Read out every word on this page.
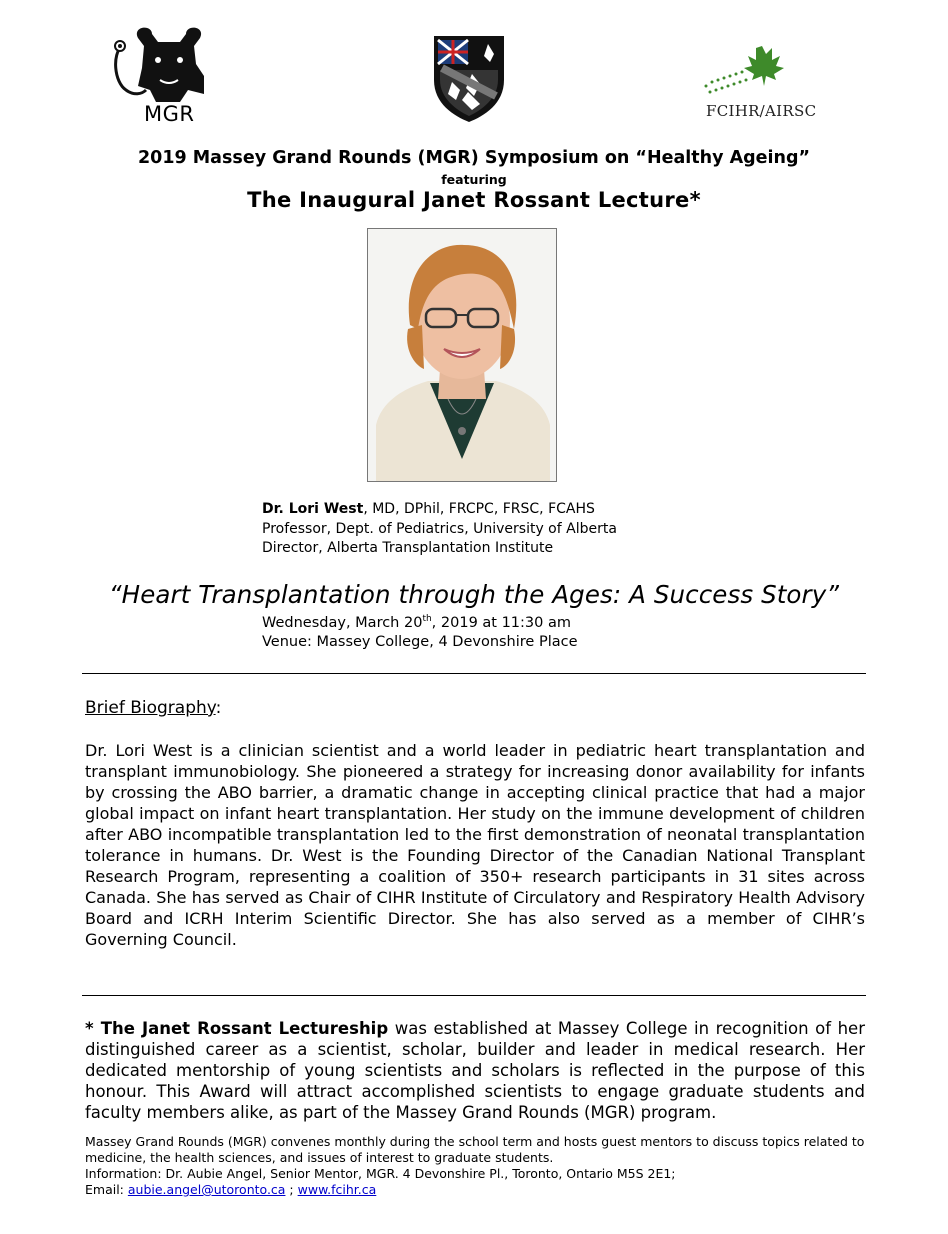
MGR	FCIHR/AIRSC
2019 Massey Grand Rounds (MGR) Symposium on “Healthy Ageing”
featuring
The Inaugural Janet Rossant Lecture*
Dr. Lori West, MD, DPhil, FRCPC, FRSC, FCAHS
Professor, Dept. of Pediatrics, University of Alberta
Director, Alberta Transplantation Institute
“Heart Transplantation through the Ages: A Success Story”
Wednesday, March 20th, 2019 at 11:30 am
Venue: Massey College, 4 Devonshire Place
Brief Biography:
Dr. Lori West is a clinician scientist and a world leader in pediatric heart transplantation and transplant immunobiology. She pioneered a strategy for increasing donor availability for infants by crossing the ABO barrier, a dramatic change in accepting clinical practice that had a major global impact on infant heart transplantation. Her study on the immune development of children after ABO incompatible transplantation led to the first demonstration of neonatal transplantation tolerance in humans. Dr. West is the Founding Director of the Canadian National Transplant Research Program, representing a coalition of 350+ research participants in 31 sites across Canada. She has served as Chair of CIHR Institute of Circulatory and Respiratory Health Advisory Board and ICRH Interim Scientific Director. She has also served as a member of CIHR’s Governing Council.
* The Janet Rossant Lectureship was established at Massey College in recognition of her distinguished career as a scientist, scholar, builder and leader in medical research. Her dedicated mentorship of young scientists and scholars is reflected in the purpose of this honour. This Award will attract accomplished scientists to engage graduate students and faculty members alike, as part of the Massey Grand Rounds (MGR) program.
Massey Grand Rounds (MGR) convenes monthly during the school term and hosts guest mentors to discuss topics related to medicine, the health sciences, and issues of interest to graduate students.
Information: Dr. Aubie Angel, Senior Mentor, MGR. 4 Devonshire Pl., Toronto, Ontario M5S 2E1;
Email: aubie.angel@utoronto.ca ; www.fcihr.ca
